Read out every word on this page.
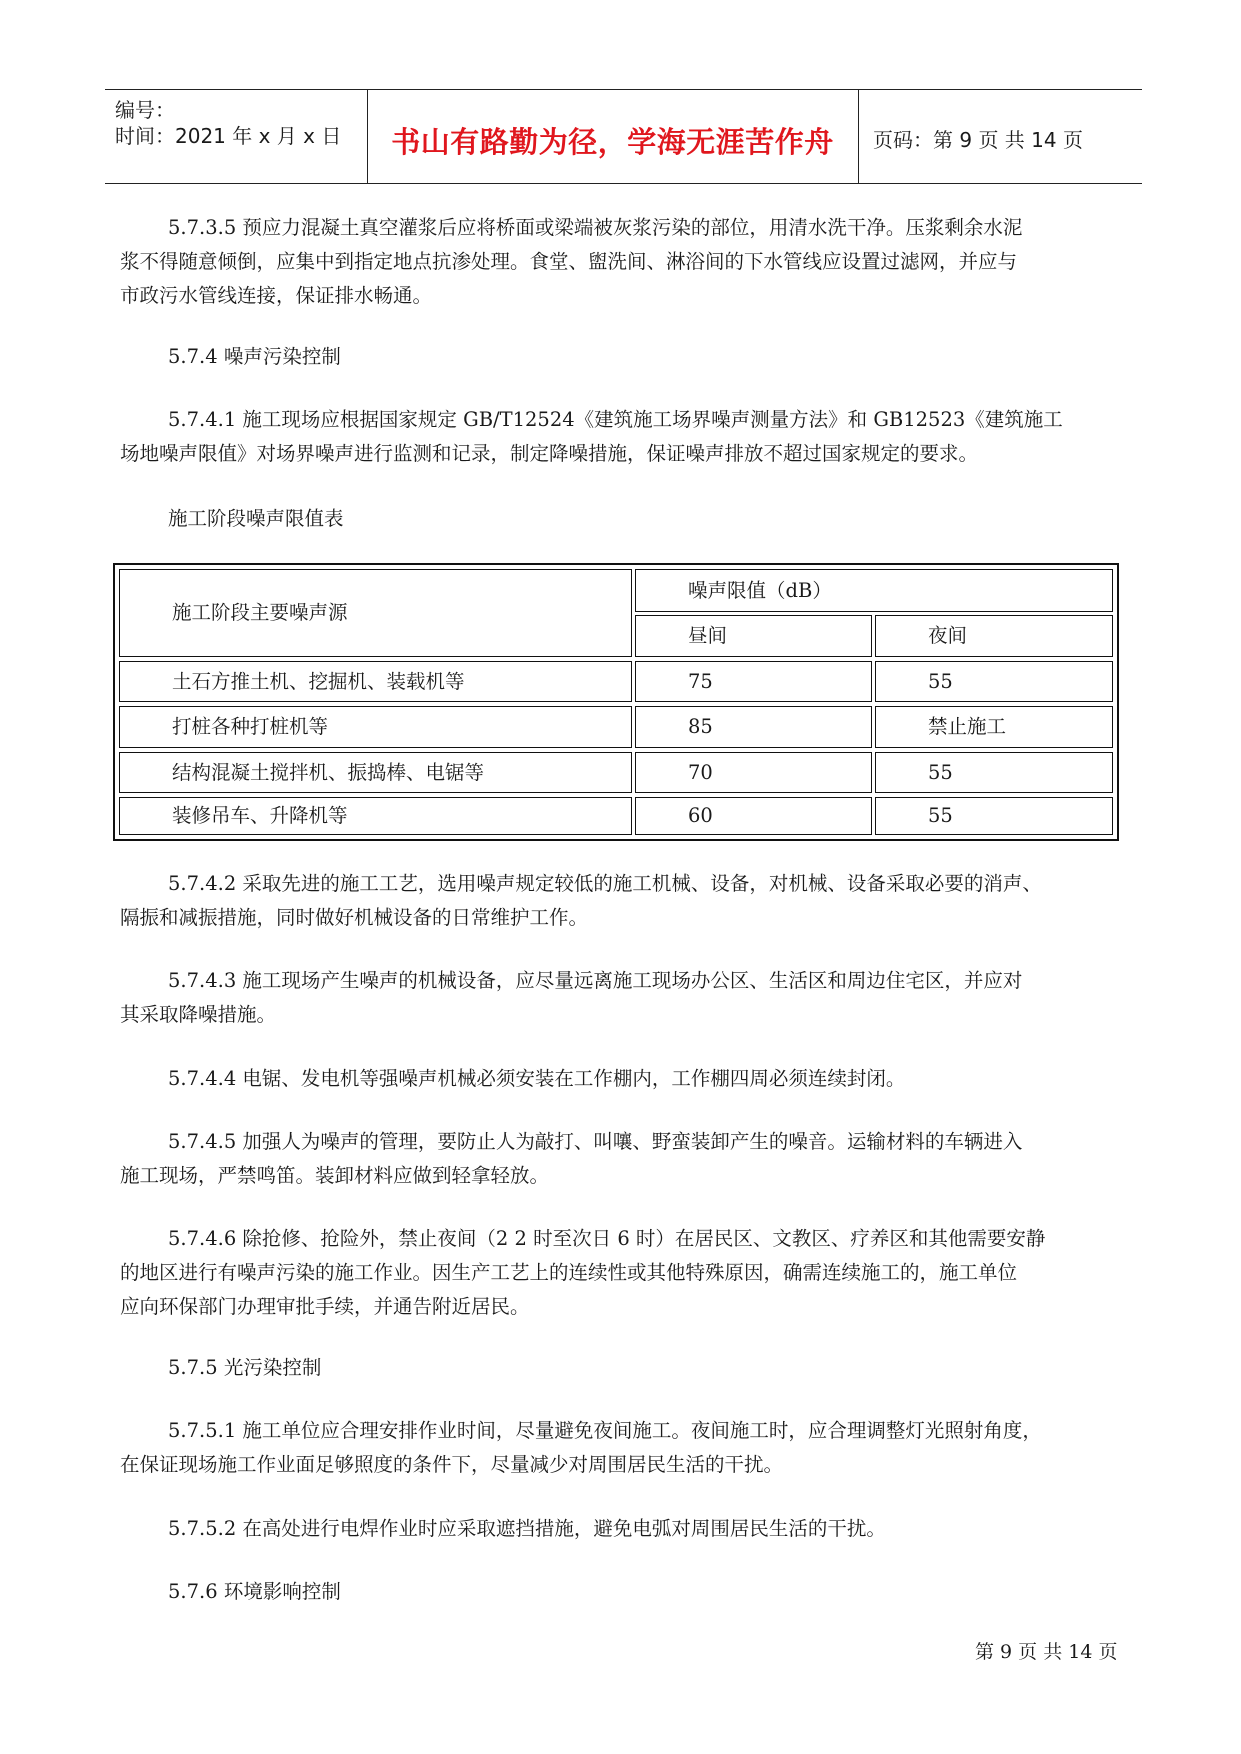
编号：
时间：2021 年 x 月 x 日	书山有路勤为径，学海无涯苦作舟	页码：第 9 页 共 14 页
5.7.3.5 预应力混凝土真空灌浆后应将桥面或梁端被灰浆污染的部位，用清水洗干净。压浆剩余水泥
浆不得随意倾倒，应集中到指定地点抗渗处理。食堂、盥洗间、淋浴间的下水管线应设置过滤网，并应与
市政污水管线连接，保证排水畅通。
5.7.4 噪声污染控制
5.7.4.1 施工现场应根据国家规定 GB/T12524《建筑施工场界噪声测量方法》和 GB12523《建筑施工
场地噪声限值》对场界噪声进行监测和记录，制定降噪措施，保证噪声排放不超过国家规定的要求。
施工阶段噪声限值表
施工阶段主要噪声源
噪声限值（dB）
昼间	夜间
土石方推土机、挖掘机、装载机等	75	55
打桩各种打桩机等	85	禁止施工
结构混凝土搅拌机、振捣棒、电锯等	70	55
装修吊车、升降机等	60	55
5.7.4.2 采取先进的施工工艺，选用噪声规定较低的施工机械、设备，对机械、设备采取必要的消声、
隔振和减振措施，同时做好机械设备的日常维护工作。
5.7.4.3 施工现场产生噪声的机械设备，应尽量远离施工现场办公区、生活区和周边住宅区，并应对
其采取降噪措施。
5.7.4.4 电锯、发电机等强噪声机械必须安装在工作棚内，工作棚四周必须连续封闭。
5.7.4.5 加强人为噪声的管理，要防止人为敲打、叫嚷、野蛮装卸产生的噪音。运输材料的车辆进入
施工现场，严禁鸣笛。装卸材料应做到轻拿轻放。
5.7.4.6 除抢修、抢险外，禁止夜间（2 2 时至次日 6 时）在居民区、文教区、疗养区和其他需要安静
的地区进行有噪声污染的施工作业。因生产工艺上的连续性或其他特殊原因，确需连续施工的，施工单位
应向环保部门办理审批手续，并通告附近居民。
5.7.5 光污染控制
5.7.5.1 施工单位应合理安排作业时间，尽量避免夜间施工。夜间施工时，应合理调整灯光照射角度，
在保证现场施工作业面足够照度的条件下，尽量减少对周围居民生活的干扰。
5.7.5.2 在高处进行电焊作业时应采取遮挡措施，避免电弧对周围居民生活的干扰。
5.7.6 环境影响控制
第 9 页 共 14 页
